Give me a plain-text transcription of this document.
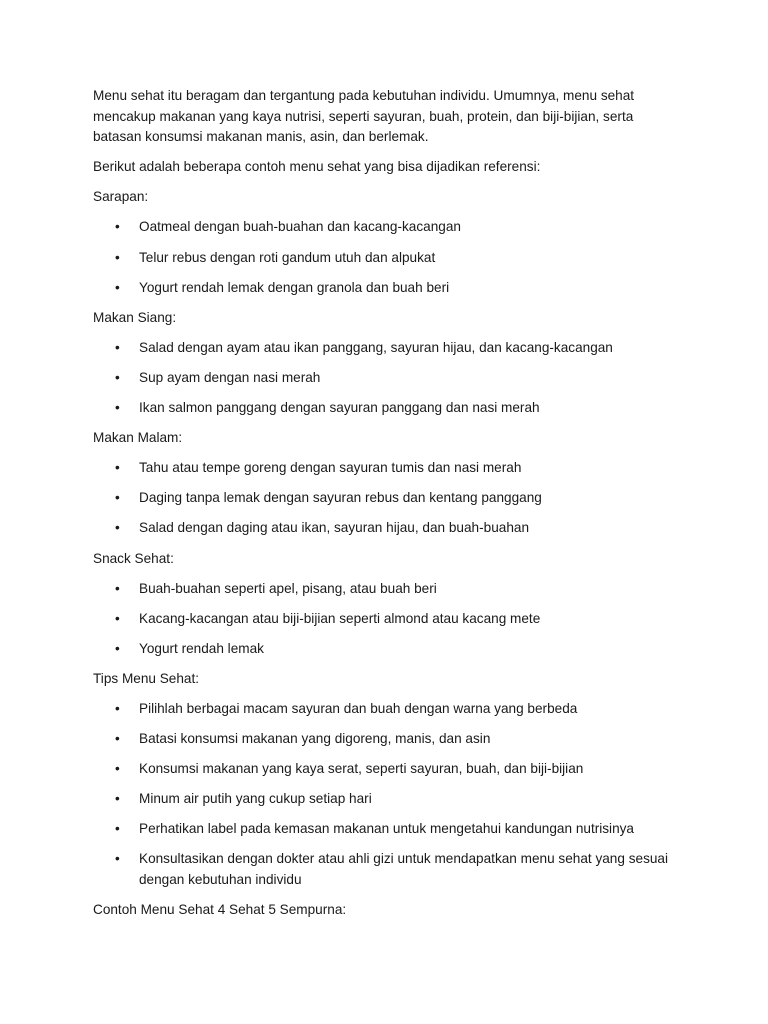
Menu sehat itu beragam dan tergantung pada kebutuhan individu. Umumnya, menu sehat mencakup makanan yang kaya nutrisi, seperti sayuran, buah, protein, dan biji-bijian, serta batasan konsumsi makanan manis, asin, dan berlemak.

Berikut adalah beberapa contoh menu sehat yang bisa dijadikan referensi:

Sarapan:

• Oatmeal dengan buah-buahan dan kacang-kacangan
• Telur rebus dengan roti gandum utuh dan alpukat
• Yogurt rendah lemak dengan granola dan buah beri

Makan Siang:

• Salad dengan ayam atau ikan panggang, sayuran hijau, dan kacang-kacangan
• Sup ayam dengan nasi merah
• Ikan salmon panggang dengan sayuran panggang dan nasi merah

Makan Malam:

• Tahu atau tempe goreng dengan sayuran tumis dan nasi merah
• Daging tanpa lemak dengan sayuran rebus dan kentang panggang
• Salad dengan daging atau ikan, sayuran hijau, dan buah-buahan

Snack Sehat:

• Buah-buahan seperti apel, pisang, atau buah beri
• Kacang-kacangan atau biji-bijian seperti almond atau kacang mete
• Yogurt rendah lemak

Tips Menu Sehat:

• Pilihlah berbagai macam sayuran dan buah dengan warna yang berbeda
• Batasi konsumsi makanan yang digoreng, manis, dan asin
• Konsumsi makanan yang kaya serat, seperti sayuran, buah, dan biji-bijian
• Minum air putih yang cukup setiap hari
• Perhatikan label pada kemasan makanan untuk mengetahui kandungan nutrisinya
• Konsultasikan dengan dokter atau ahli gizi untuk mendapatkan menu sehat yang sesuai dengan kebutuhan individu

Contoh Menu Sehat 4 Sehat 5 Sempurna:
